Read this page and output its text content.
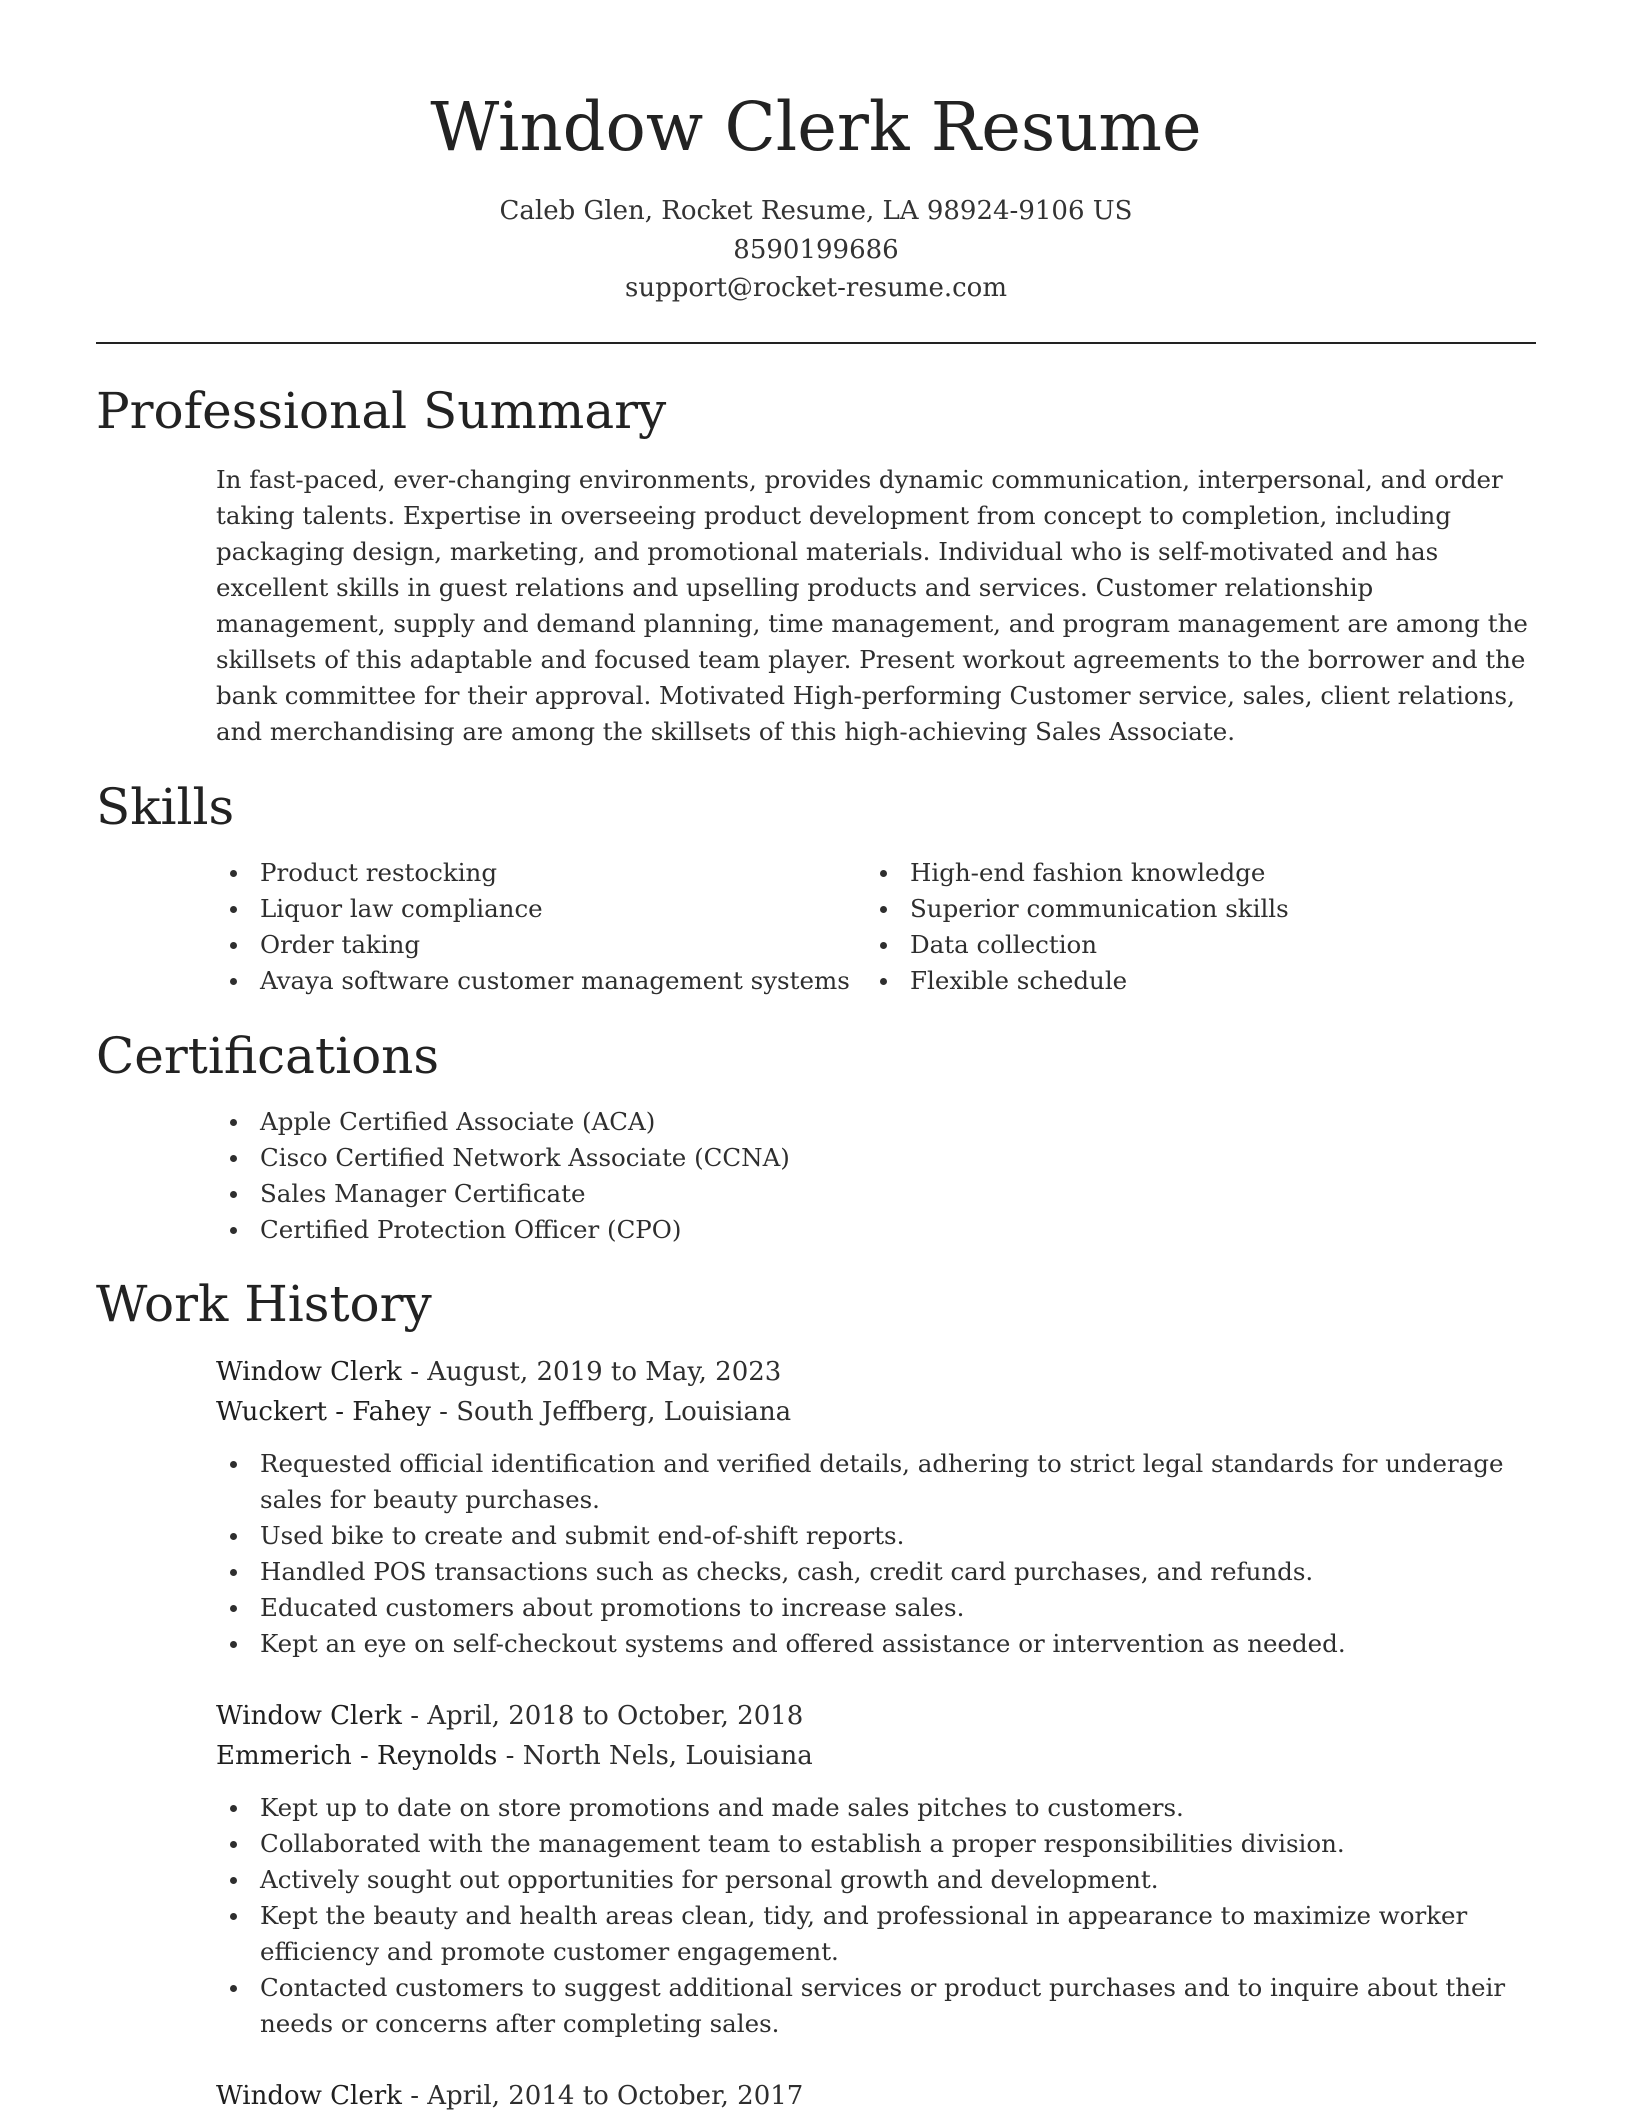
Window Clerk Resume
Caleb Glen, Rocket Resume, LA 98924-9106 US
8590199686
support@rocket-resume.com
Professional Summary

In fast-paced, ever-changing environments, provides dynamic communication, interpersonal, and order taking talents. Expertise in overseeing product development from concept to completion, including packaging design, marketing, and promotional materials. Individual who is self-motivated and has excellent skills in guest relations and upselling products and services. Customer relationship management, supply and demand planning, time management, and program management are among the skillsets of this adaptable and focused team player. Present workout agreements to the borrower and the bank committee for their approval. Motivated High-performing Customer service, sales, client relations, and merchandising are among the skillsets of this high-achieving Sales Associate.

Skills
Product restocking
Liquor law compliance
Order taking
Avaya software customer management systems
High-end fashion knowledge
Superior communication skills
Data collection
Flexible schedule
Certifications
Apple Certified Associate (ACA)
Cisco Certified Network Associate (CCNA)
Sales Manager Certificate
Certified Protection Officer (CPO)
Work History
Window Clerk - August, 2019 to May, 2023
Wuckert - Fahey - South Jeffberg, Louisiana
Requested official identification and verified details, adhering to strict legal standards for underage sales for beauty purchases.
Used bike to create and submit end-of-shift reports.
Handled POS transactions such as checks, cash, credit card purchases, and refunds.
Educated customers about promotions to increase sales.
Kept an eye on self-checkout systems and offered assistance or intervention as needed.
Window Clerk - April, 2018 to October, 2018
Emmerich - Reynolds - North Nels, Louisiana
Kept up to date on store promotions and made sales pitches to customers.
Collaborated with the management team to establish a proper responsibilities division.
Actively sought out opportunities for personal growth and development.
Kept the beauty and health areas clean, tidy, and professional in appearance to maximize worker efficiency and promote customer engagement.
Contacted customers to suggest additional services or product purchases and to inquire about their needs or concerns after completing sales.
Window Clerk - April, 2014 to October, 2017
